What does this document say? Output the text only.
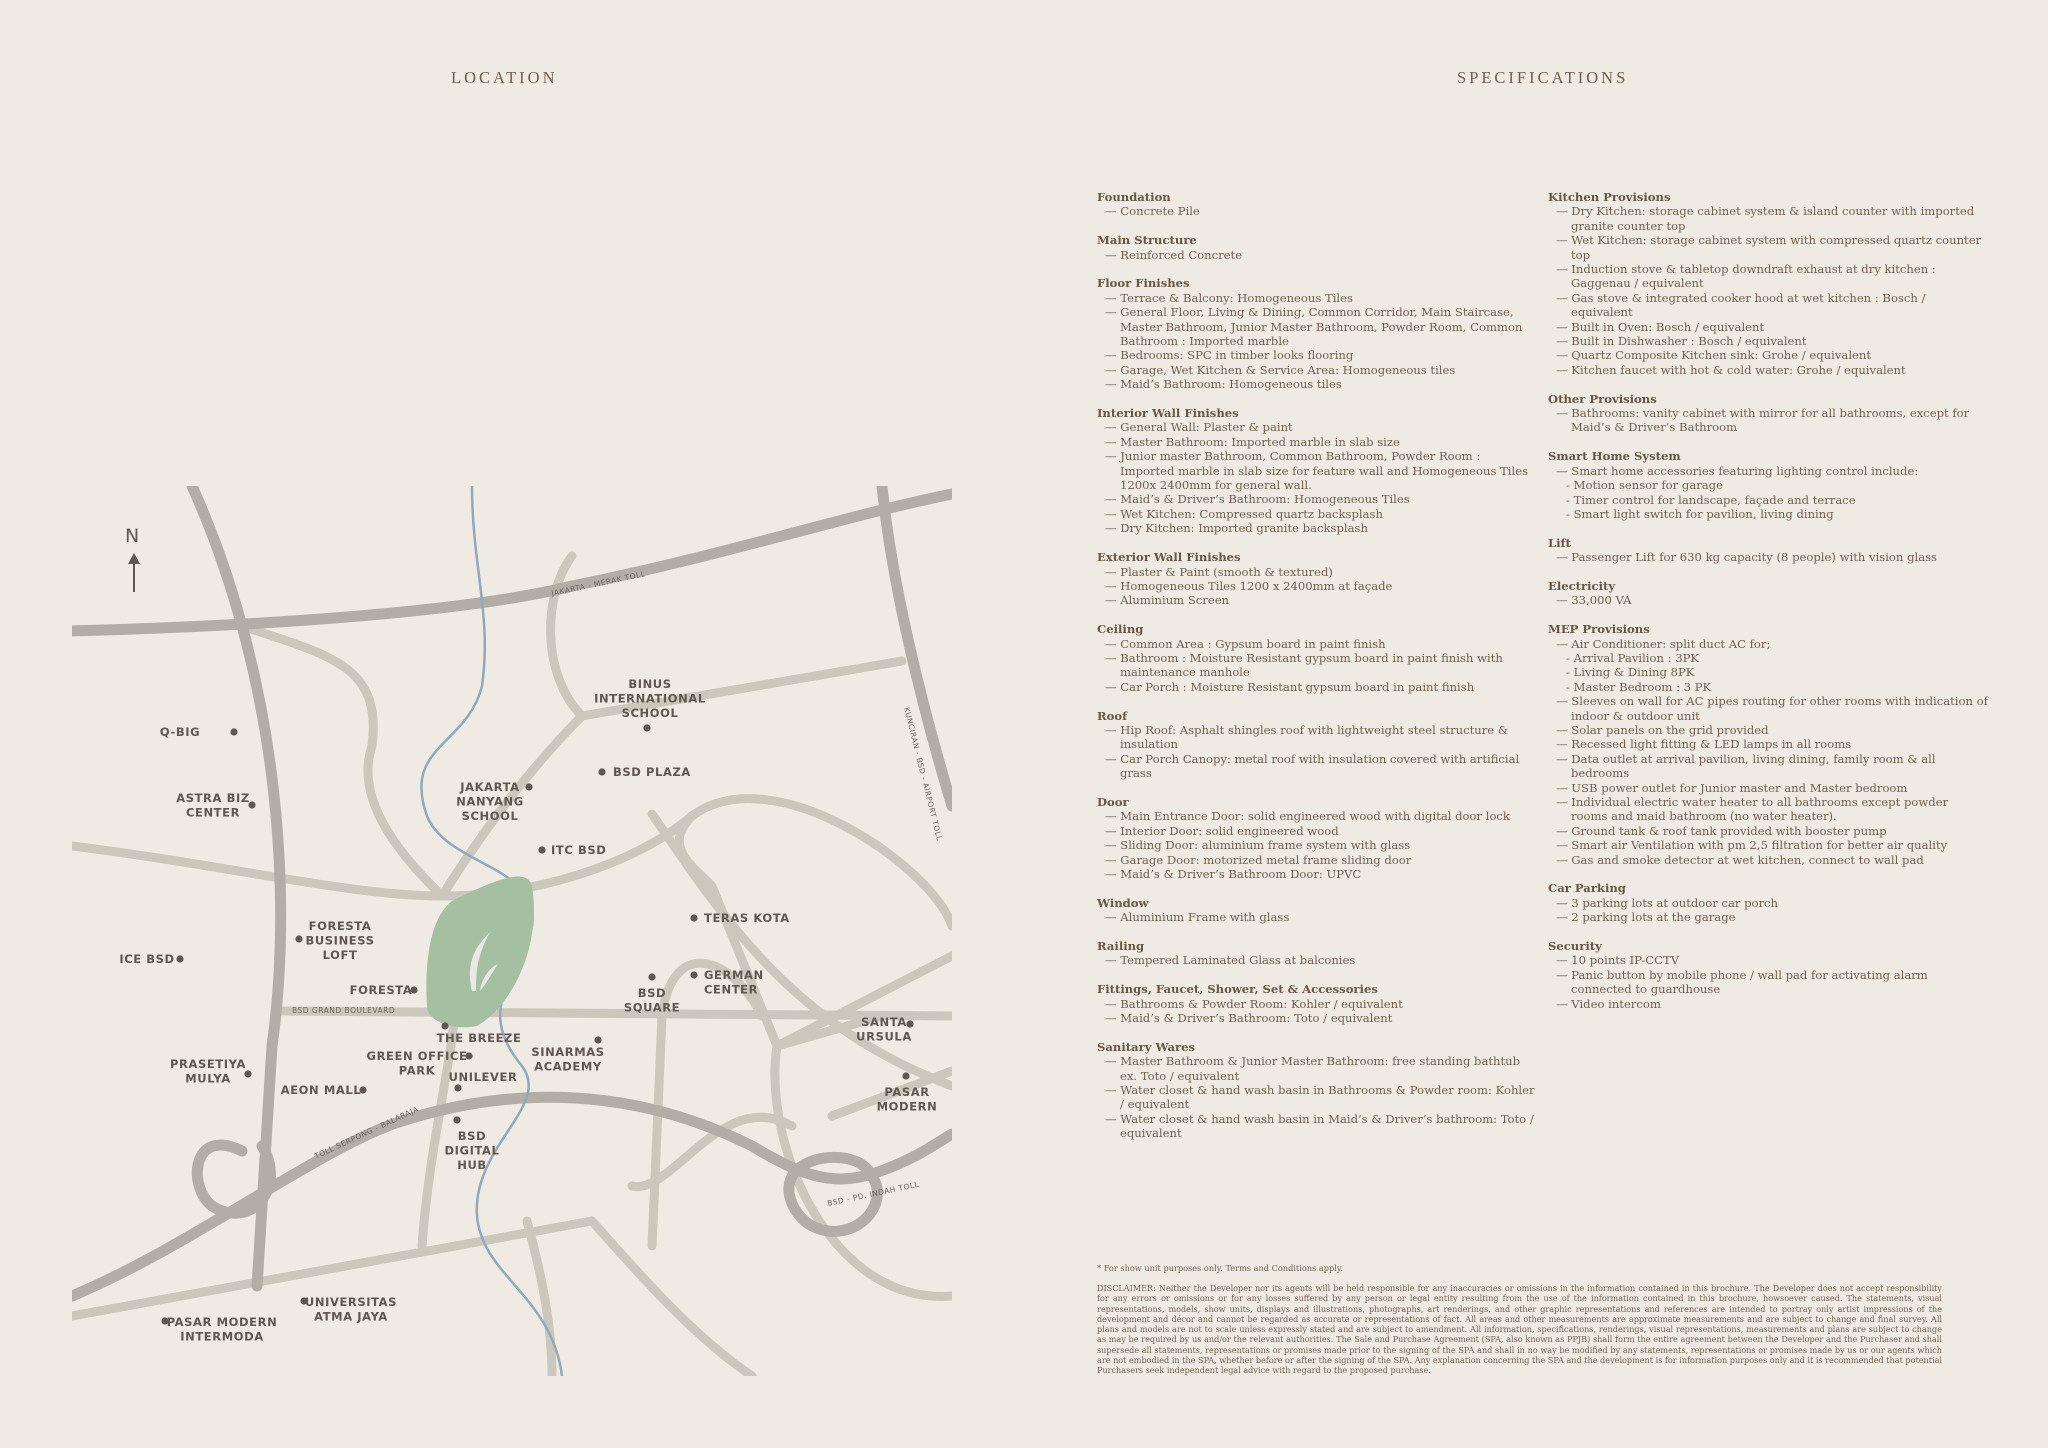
LOCATION	SPECIFICATIONS
N
JAKARTA - MERAK TOLL
KUNCIRAN - BSD - AIRPORT TOLL
BSD GRAND BOULEVARD
TOLL SERPONG - BALARAJA
BSD - PD. INDAH TOLL
Q-BIG
ASTRA BIZ
CENTER
BINUS
INTERNATIONAL
SCHOOL
BSD PLAZA
JAKARTA
NANYANG
SCHOOL
ITC BSD
TERAS KOTA
FORESTA
BUSINESS
LOFT
ICE BSD
FORESTA	BSD
SQUARE
GERMAN
CENTER
SANTA
URSULA
THE BREEZE
GREEN OFFICE
PARK
SINARMAS
ACADEMY
PRASETIYA
MULYA	UNILEVER
AEON MALL	PASAR
MODERN
BSD
DIGITAL
HUB
UNIVERSITAS
ATMA JAYA
PASAR MODERN
INTERMODA
Foundation
— Concrete Pile
Main Structure
— Reinforced Concrete
Floor Finishes
— Terrace & Balcony: Homogeneous Tiles
— General Floor, Living & Dining, Common Corridor, Main Staircase, Master Bathroom, Junior Master Bathroom, Powder Room, Common Bathroom : Imported marble
— Bedrooms: SPC in timber looks flooring
— Garage, Wet Kitchen & Service Area: Homogeneous tiles
— Maid’s Bathroom: Homogeneous tiles
Interior Wall Finishes
— General Wall: Plaster & paint
— Master Bathroom: Imported marble in slab size
— Junior master Bathroom, Common Bathroom, Powder Room : Imported marble in slab size for feature wall and Homogeneous Tiles 1200x 2400mm for general wall.
— Maid’s & Driver’s Bathroom: Homogeneous Tiles
— Wet Kitchen: Compressed quartz backsplash
— Dry Kitchen: Imported granite backsplash
Exterior Wall Finishes
— Plaster & Paint (smooth & textured)
— Homogeneous Tiles 1200 x 2400mm at façade
— Aluminium Screen
Ceiling
— Common Area : Gypsum board in paint finish
— Bathroom : Moisture Resistant gypsum board in paint finish with maintenance manhole
— Car Porch : Moisture Resistant gypsum board in paint finish
Roof
— Hip Roof: Asphalt shingles roof with lightweight steel structure & insulation
— Car Porch Canopy: metal roof with insulation covered with artificial grass
Door
— Main Entrance Door: solid engineered wood with digital door lock
— Interior Door: solid engineered wood
— Sliding Door: aluminium frame system with glass
— Garage Door: motorized metal frame sliding door
— Maid’s & Driver’s Bathroom Door: UPVC
Window
— Aluminium Frame with glass
Railing
— Tempered Laminated Glass at balconies
Fittings, Faucet, Shower, Set & Accessories
— Bathrooms & Powder Room: Kohler / equivalent
— Maid’s & Driver’s Bathroom: Toto / equivalent
Sanitary Wares
— Master Bathroom & Junior Master Bathroom: free standing bathtub ex. Toto / equivalent
— Water closet & hand wash basin in Bathrooms & Powder room: Kohler / equivalent
— Water closet & hand wash basin in Maid’s & Driver’s bathroom: Toto / equivalent
Kitchen Provisions
— Dry Kitchen: storage cabinet system & island counter with imported granite counter top
— Wet Kitchen: storage cabinet system with compressed quartz counter top
— Induction stove & tabletop downdraft exhaust at dry kitchen : Gaggenau / equivalent
— Gas stove & integrated cooker hood at wet kitchen : Bosch / equivalent
— Built in Oven: Bosch / equivalent
— Built in Dishwasher : Bosch / equivalent
— Quartz Composite Kitchen sink: Grohe / equivalent
— Kitchen faucet with hot & cold water: Grohe / equivalent
Other Provisions
— Bathrooms: vanity cabinet with mirror for all bathrooms, except for Maid’s & Driver’s Bathroom
Smart Home System
— Smart home accessories featuring lighting control include:
- Motion sensor for garage
- Timer control for landscape, façade and terrace
- Smart light switch for pavilion, living dining
Lift
— Passenger Lift for 630 kg capacity (8 people) with vision glass
Electricity
— 33,000 VA
MEP Provisions
— Air Conditioner: split duct AC for;
- Arrival Pavilion : 3PK
- Living & Dining 8PK
- Master Bedroom : 3 PK
— Sleeves on wall for AC pipes routing for other rooms with indication of indoor & outdoor unit
— Solar panels on the grid provided
— Recessed light fitting & LED lamps in all rooms
— Data outlet at arrival pavilion, living dining, family room & all bedrooms
— USB power outlet for Junior master and Master bedroom
— Individual electric water heater to all bathrooms except powder rooms and maid bathroom (no water heater).
— Ground tank & roof tank provided with booster pump
— Smart air Ventilation with pm 2,5 filtration for better air quality
— Gas and smoke detector at wet kitchen, connect to wall pad
Car Parking
— 3 parking lots at outdoor car porch
— 2 parking lots at the garage
Security
— 10 points IP-CCTV
— Panic button by mobile phone / wall pad for activating alarm connected to guardhouse
— Video intercom
* For show unit purposes only. Terms and Conditions apply.
DISCLAIMER: Neither the Developer nor its agents will be held responsible for any inaccuracies or omissions in the information contained in this brochure. The Developer does not accept responsibility for any errors or omissions or for any losses suffered by any person or legal entity resulting from the use of the information contained in this brochure, howsoever caused. The statements, visual representations, models, show units, displays and illustrations, photographs, art renderings, and other graphic representations and references are intended to portray only artist impressions of the development and décor and cannot be regarded as accurate or representations of fact. All areas and other measurements are approximate measurements and are subject to change and final survey. All plans and models are not to scale unless expressly stated and are subject to amendment. All information, specifications, renderings, visual representations, measurements and plans are subject to change as may be required by us and/or the relevant authorities. The Sale and Purchase Agreement (SPA, also known as PPJB) shall form the entire agreement between the Developer and the Purchaser and shall supersede all statements, representations or promises made prior to the signing of the SPA and shall in no way be modified by any statements, representations or promises made by us or our agents which are not embodied in the SPA, whether before or after the signing of the SPA. Any explanation concerning the SPA and the development is for information purposes only and it is recommended that potential Purchasers seek independent legal advice with regard to the proposed purchase.
